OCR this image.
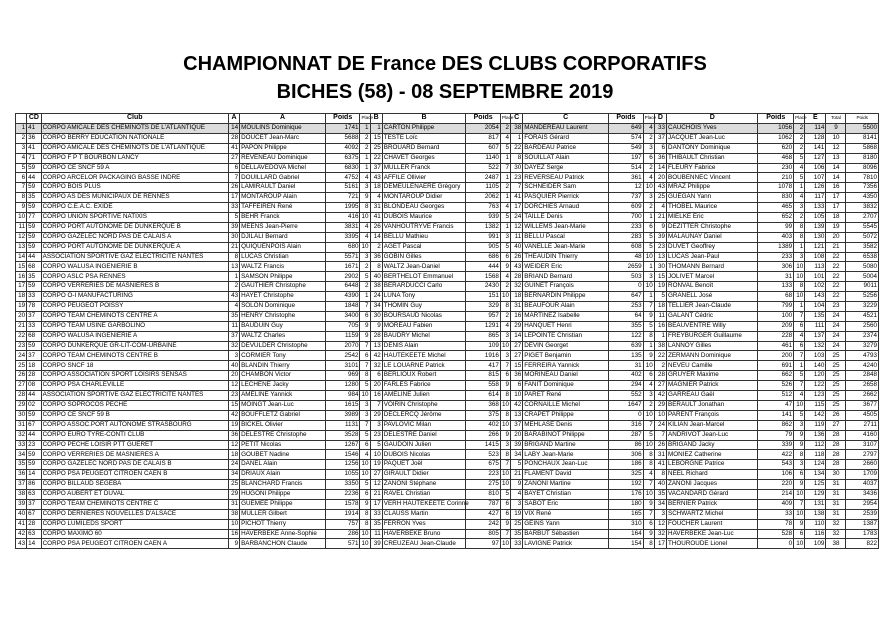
CHAMPIONNAT DE France DES CLUBS CORPORATIFS
BICHES (58) - 08 SEPTEMBRE 2019
	CD	Club	A	A	Poids	Place	B	B	Poids	Place	C	C	Poids	Place	D	D	Poids	Place	E	Total	Poids
1	41	CORPO AMICALE DES CHEMINOTS DE L'ATLANTIQUE	14	MOULINS Dominique	1741	1	1	CARTON Philippe	2054	2	38	MANDEREAU Laurent	649	4	33	CAUCHOIS Yves	1056	2	114	9	5500
2	36	CORPO BERRY EDUCATION NATIONALE	28	DOUCET Jean-Marc	5688	2	15	TESTE Loïc	817	4	1	FORAIS Gérard	574	2	37	JACQUET Jean-Luc	1062	2	128	10	8141
3	41	CORPO AMICALE DES CHEMINOTS DE L'ATLANTIQUE	41	PAPON Philippe	4092	2	25	BROUARD Bernard	607	5	22	BARDEAU Patrice	549	3	6	DANTONY Dominique	620	2	141	12	5868
4	71	CORPO F P T BOURBON LANCY	27	REVENEAU Dominique	6375	1	22	CHAVET Georges	1140	1	8	SOUILLAT Alain	197	6	36	THIBAULT Christian	468	5	127	13	8180
5	59	CORPO CE SNCF 59 A	6	DELLAVEDOVA Michel	6830	1	37	MULLER Franck	522	7	30	DAYEZ Serge	514	2	14	FLEURY Fabrice	230	4	106	14	8096
6	44	CORPO ARCELOR PACKAGING BASSE INDRE	7	DOUILLARD Gabriel	4752	4	43	AFFILE Ollivier	2487	1	23	REVERSEAU Patrick	361	4	20	BOUBENNEC Vincent	210	5	107	14	7810
7	59	CORPO BOIS PLUS	26	LAMIRAULT Daniel	5161	3	18	DEMEULENAERE Grégory	1105	2	7	SCHNEIDER Sam	12	10	43	MRAZ Philippe	1078	1	126	16	7356
8	35	CORPO AS DES MUNICIPAUX DE RENNES	17	MONTAROUP Alain	721	9	4	MONTAROUP Didier	2062	1	41	PASQUIER Pierrick	737	3	25	GUEGAN Yann	830	4	117	17	4350
9	59	CORPO C.E.A.C. EXIDE	33	TAFFEIREN René	1995	8	31	BLONDEAU Georges	763	4	17	DORCHIES Arnaud	609	2	4	THOBEL Maurice	465	3	133	17	3832
10	77	CORPO UNION SPORTIVE NATIXIS	5	BEHR Franck	416	10	41	DUBOIS Maurice	939	5	24	TAILLE Denis	700	1	21	MIELKE Eric	652	2	105	18	2707
11	59	CORPO PORT AUTONOME DE DUNKERQUE B	39	MEENS Jean-Pierre	3831	4	26	VANHOUTRYVE Francis	1382	1	12	WILLEMS Jean-Marie	233	6	9	DEZITTER Christophe	99	8	139	19	5545
12	59	CORPO GAZELEC NORD PAS DE CALAIS A	30	DJILALI Bernard	3395	4	14	BELLU Mathieu	991	3	11	BELLU Pascal	283	5	39	MALAUNAY Daniel	403	8	130	20	5072
13	59	CORPO PORT AUTONOME DE DUNKERQUE A	21	QUIQUENPOIS Alain	680	10	2	AGET Pascal	905	5	40	VANELLE Jean-Marie	608	5	23	DUVET Geoffrey	1389	1	121	21	3582
14	44	ASSOCIATION SPORTIVE GAZ ELECTRICITE NANTES	8	LUCAS Christian	5571	3	36	GOBIN Gilles	686	6	26	THEAUDIN Thierry	48	10	13	LUCAS Jean-Paul	233	3	108	22	6538
15	68	CORPO WALUSA INGENIERIE B	13	WALTZ Francis	1671	2	8	WALTZ Jean-Daniel	444	9	43	WEIDER Eric	2659	1	30	THOMANN Bernard	306	10	113	22	5080
16	35	CORPO ASLC PSA RENNES	1	SAMSON Philippe	2902	5	40	BERTHELOT Emmanuel	1568	4	28	BRIAND Bernard	503	3	15	JOLIVET Marcel	31	10	101	22	5004
17	59	CORPO VERRERIES DE MASNIERES B	2	GAUTHIER Christophe	6448	2	38	BERARDUCCI Carlo	2430	2	32	GUINET François	0	10	19	RONVAL Benoît	133	8	102	22	9011
18	33	CORPO O-I MANUFACTURING	43	HAYET Christophe	4390	1	24	LUNA Tony	151	10	18	BERNARDIN Philippe	647	1	5	GRANELL José	68	10	143	22	5256
19	78	CORPO PEUGEOT POISSY	4	SOLON Dominique	1848	7	34	THOMIN Guy	329	8	31	BEAUFOUR Alain	253	7	18	TELLIER Jean-Claude	799	1	104	23	3229
20	37	CORPO TEAM CHEMINOTS CENTRE A	35	HENRY Christophe	3400	6	30	BOURSAUD Nicolas	957	2	16	MARTINEZ Isabelle	64	9	11	GALANT Cédric	100	7	135	24	4521
21	33	CORPO TEAM USINE GARBOLINO	11	BAUDUIN Guy	705	9	9	MOREAU Fabien	1291	4	29	HANQUET Henri	355	5	16	BEAUVENTRE Willy	209	6	111	24	2560
22	68	CORPO WALUSA INGENIERIE A	37	WALTZ Charles	1159	9	28	BAUDRY Michel	865	3	14	LEPOINTE Christian	122	8	1	FREYBURGER Guillaume	228	4	137	24	2374
23	59	CORPO DUNKERQUE GR-LIT-COM-URBAINE	32	DEVULDER Christophe	2070	7	13	DENIS Alain	109	10	27	DEVIN Georget	639	1	38	LANNOY Gilles	461	6	132	24	3279
24	37	CORPO TEAM CHEMINOTS CENTRE B	3	CORMIER Tony	2542	6	42	HAUTEKEETE Michel	1916	3	27	PIGET Benjamin	135	9	22	ZERMANN Dominique	200	7	103	25	4793
25	18	CORPO SNCF 18	40	BLANDIN Thierry	3101	7	32	LE LOUARNE Patrick	417	7	15	FERREIRA Yannick	31	10	2	NEVEU Camille	691	1	140	25	4240
26	28	CORPO ASSOCIATION SPORT LOISIRS SENSAS	20	CHAMBON Victor	969	8	6	BERLIOUX Robert	815	6	36	MORINEAU Daniel	402	6	28	GRUYER Maxime	662	5	120	25	2848
27	08	CORPO PSA CHARLEVILLE	12	LECHENE Jacky	1280	5	20	FARLES Fabrice	558	9	6	FANIT Dominique	294	4	27	MAGNIER Patrick	526	7	122	25	2658
28	44	ASSOCIATION SPORTIVE GAZ ELECTRICITE NANTES	23	AMELINE Yannick	984	10	16	AMELINE Julien	614	8	10	PARET René	552	3	42	GARREAU Gaël	512	4	123	25	2662
29	02	CORPO SOPROCOS PECHE	15	MOINGT Jean-Luc	1615	3	7	VOIRIN Christophe	368	10	42	CORNAILLE Michel	1647	2	29	BERAULT Jonathan	47	10	115	25	3677
30	59	CORPO CE SNCF 59 B	42	BOUFFLETZ Gabriel	3989	3	29	DECLERCQ Jérôme	375	8	13	CRAPET Philippe	0	10	10	PARENT François	141	5	142	26	4505
31	67	CORPO ASSOC.PORT AUTONOME STRASBOURG	19	BICKEL Olivier	1131	7	3	PAVLOVIC Milan	402	10	37	MEHLASE Denis	316	7	24	KILIAN Jean-Marcel	862	3	119	27	2711
32	44	CORPO EURO TYRE-CONTI CLUB	36	DELESTRE Christophe	3528	5	23	DELESTRE Daniel	266	9	20	BARABINOT Philippe	287	5	7	ANDRIVOT Jean-Luc	79	9	136	28	4160
33	23	CORPO PECHE LOISIR PTT GUERET	12	PETIT Nicolas	1267	6	5	GAUDOIN Julien	1415	3	39	BRIGAND Martine	86	10	26	BRIGAND Jacky	339	9	112	28	3107
34	59	CORPO VERRERIES DE MASNIERES A	18	GOUBET Nadine	1546	4	10	DUBOIS Nicolas	523	8	34	LABY Jean-Marie	306	8	31	MONIEZ Catherine	422	8	118	28	2797
35	59	CORPO GAZELEC NORD PAS DE CALAIS B	24	DANEL Alain	1256	10	19	PAQUET Joël	675	7	5	PONCHAUX Jean-Luc	186	8	41	LEBORGNE Patrice	543	3	124	28	2660
36	14	CORPO PSA PEUGEOT CITROEN CAEN B	34	DRIAUX Alain	1055	10	27	GIRAULT Didier	223	10	21	FLAMENT David	325	4	8	NEEL Richard	106	6	134	30	1709
37	86	CORPO BILLAUD SEGEBA	25	BLANCHARD Francis	3350	5	12	ZANONI Stéphane	275	10	9	ZANONI Martine	192	7	40	ZANONI Jacques	220	9	125	31	4037
38	63	CORPO AUBERT ET DUVAL	29	HUGONI Philippe	2236	6	21	RAVEL Christian	810	5	4	BAYET Christian	176	10	35	VACANDARD Gérard	214	10	129	31	3436
39	37	CORPO TEAM CHEMINOTS CENTRE C	31	GUEMEE Philippe	1578	9	17	VERH HAUTEKEETE Corinne	787	6	3	SABOT Eric	180	9	34	BERNIER Patrick	409	7	131	31	2954
40	67	CORPO DERNIERES NOUVELLES D'ALSACE	38	MULLER Gilbert	1914	8	33	CLAUSS Martin	427	6	19	VIX René	165	7	3	SCHWARTZ Michel	33	10	138	31	2539
41	28	CORPO LUMILEDS SPORT	10	PICHOT Thierry	757	8	35	FERRON Yves	242	9	25	GEINS Yann	310	6	12	FOUCHER Laurent	78	9	110	32	1387
42	63	CORPO MAXIMO 60	16	HAVERBEKE Anne-Sophie	286	10	11	HAVERBEKE Bruno	805	7	35	BARBUT Sébastien	164	9	32	HAVERBEKE Jean-Luc	528	6	116	32	1783
43	14	CORPO PSA PEUGEOT CITROEN CAEN A	9	BARBANCHON Claude	571	10	39	CREUZEAU Jean-Claude	97	10	33	LAVIGNE Patrick	154	8	17	THOUROUDE Lionel	0	10	109	38	822
